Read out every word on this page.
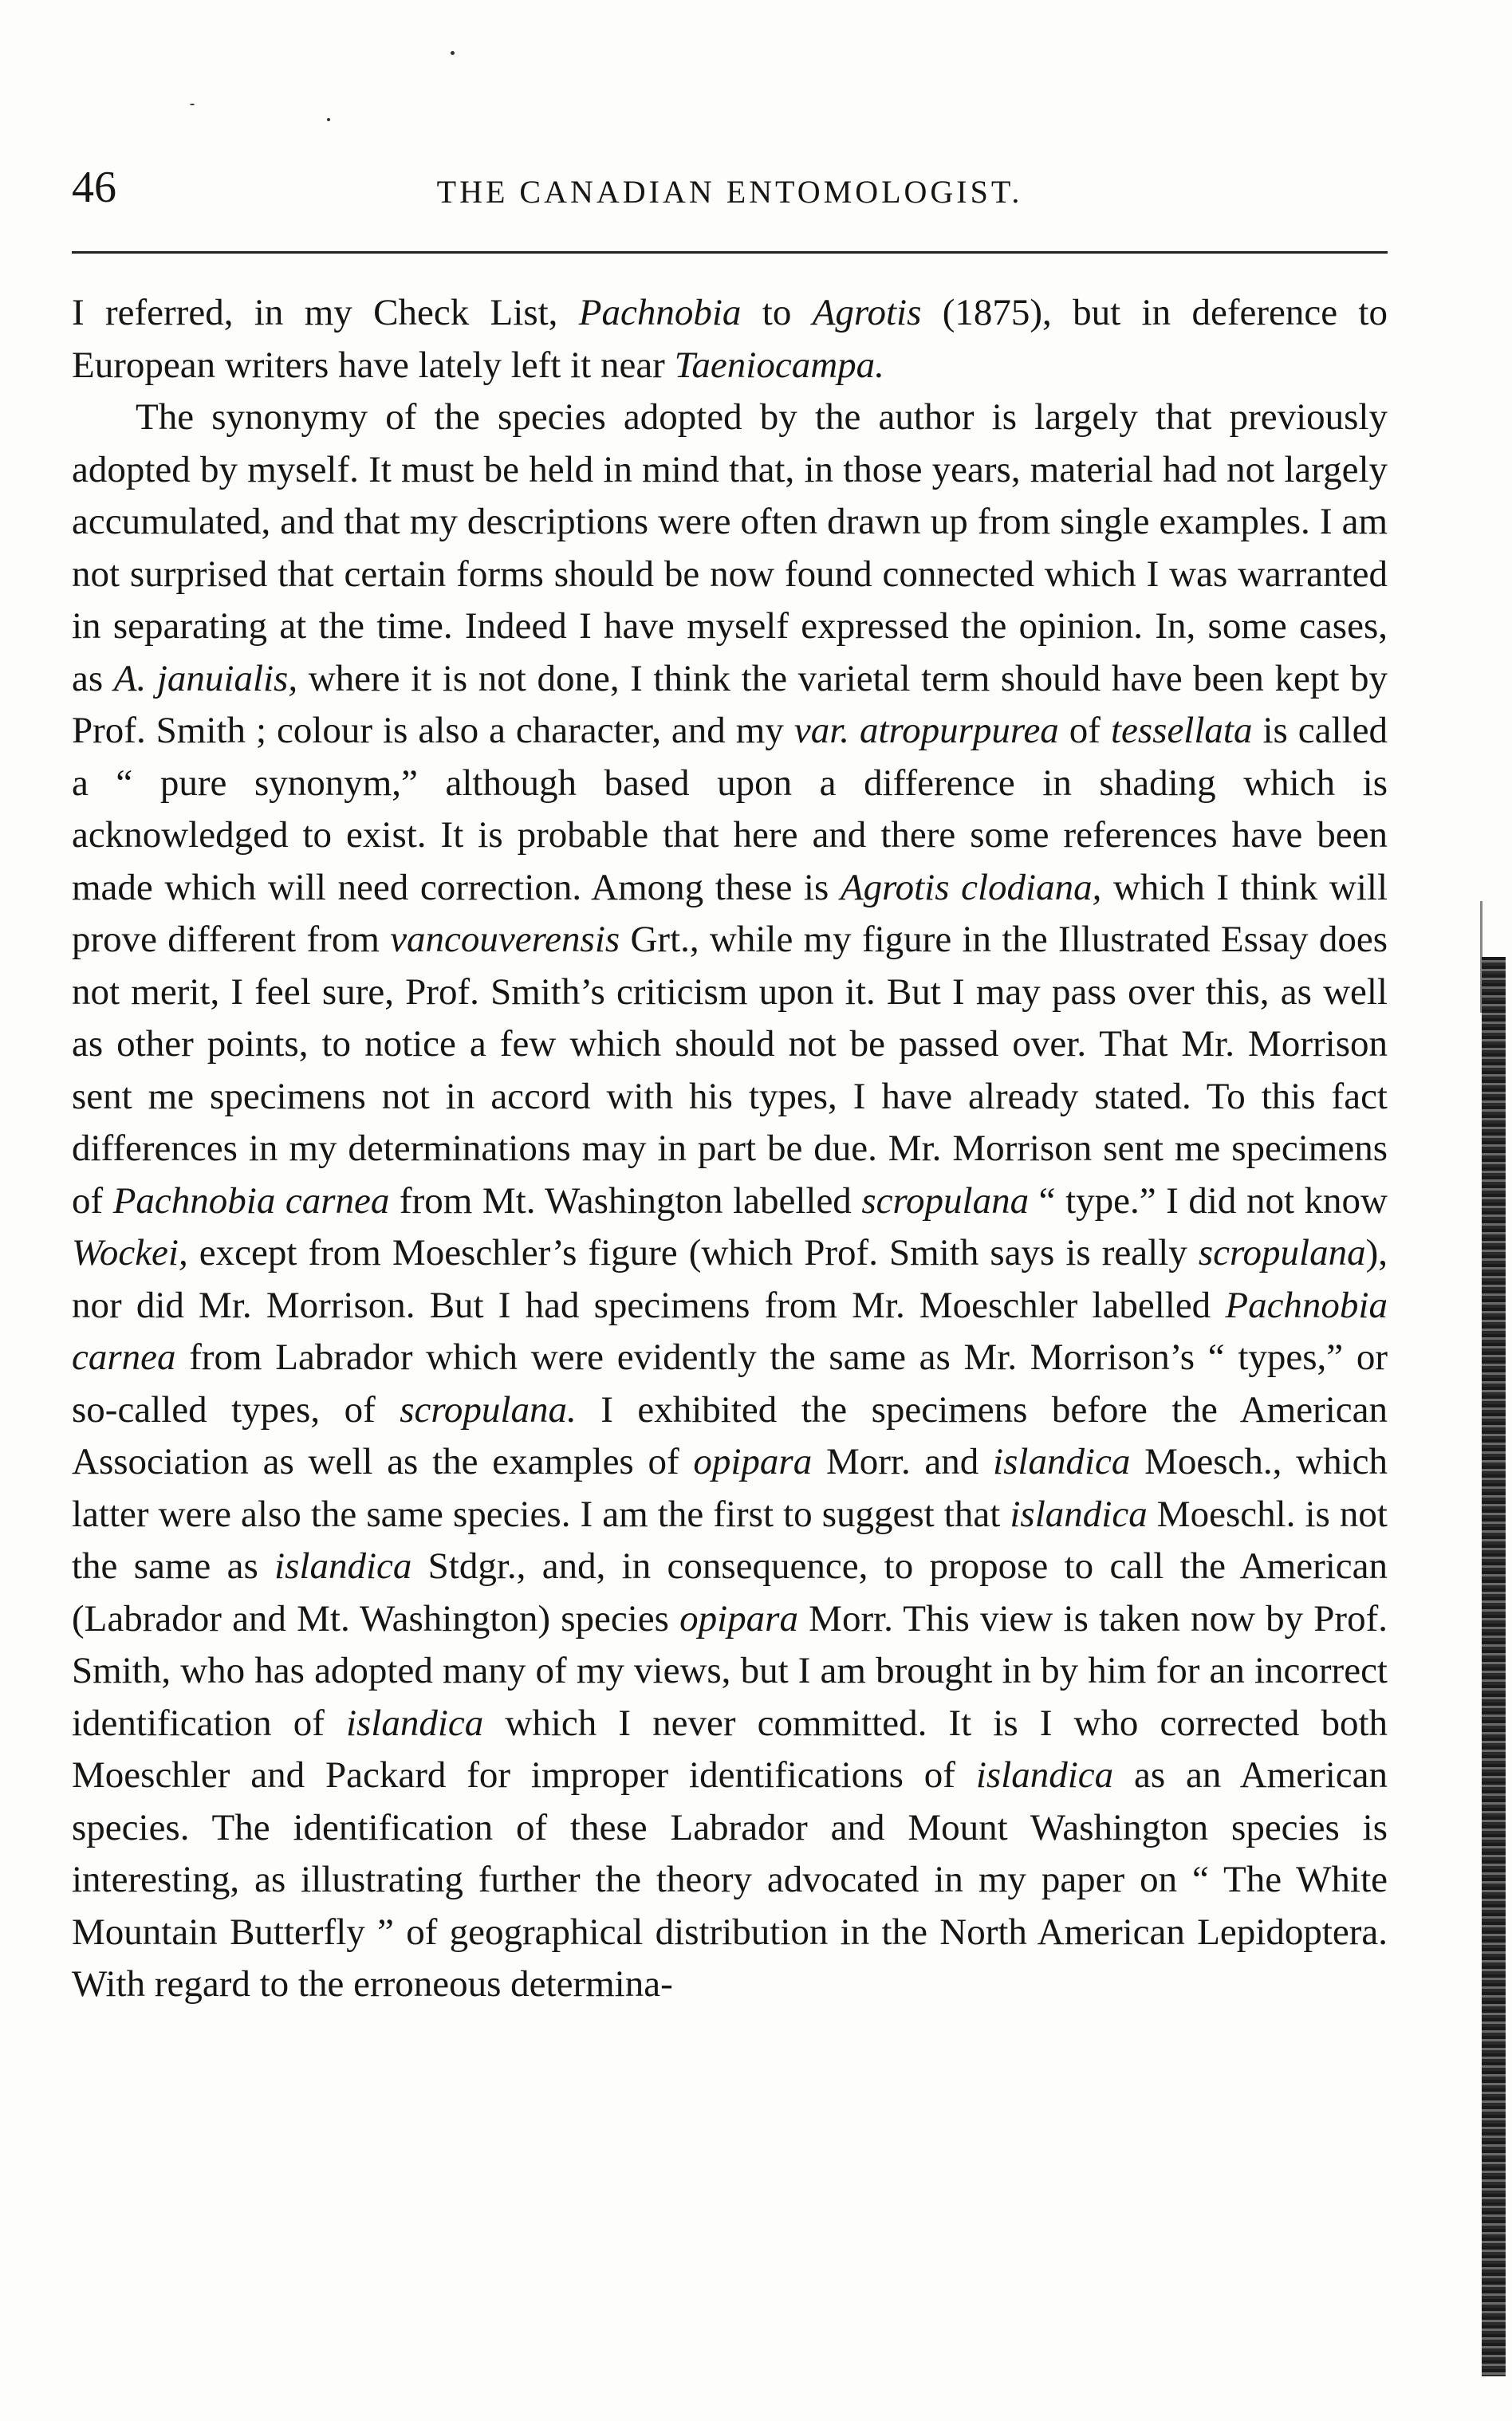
46	THE CANADIAN ENTOMOLOGIST.

I referred, in my Check List, Pachnobia to Agrotis (1875), but in deference to European writers have lately left it near Taeniocampa.

The synonymy of the species adopted by the author is largely that previously adopted by myself. It must be held in mind that, in those years, material had not largely accumulated, and that my descriptions were often drawn up from single examples. I am not surprised that certain forms should be now found connected which I was warranted in separating at the time. Indeed I have myself expressed the opinion. In, some cases, as A. januialis, where it is not done, I think the varietal term should have been kept by Prof. Smith ; colour is also a character, and my var. atropurpurea of tessellata is called a “ pure synonym,” although based upon a difference in shading which is acknowledged to exist. It is probable that here and there some references have been made which will need correction. Among these is Agrotis clodiana, which I think will prove different from vancouverensis Grt., while my figure in the Illustrated Essay does not merit, I feel sure, Prof. Smith’s criticism upon it. But I may pass over this, as well as other points, to notice a few which should not be passed over. That Mr. Morrison sent me specimens not in accord with his types, I have already stated. To this fact differences in my determinations may in part be due. Mr. Morrison sent me specimens of Pachnobia carnea from Mt. Washington labelled scropulana “ type.” I did not know Wockei, except from Moeschler’s figure (which Prof. Smith says is really scropulana), nor did Mr. Morrison. But I had specimens from Mr. Moeschler labelled Pachnobia carnea from Labrador which were evidently the same as Mr. Morrison’s “ types,” or so-called types, of scropulana. I exhibited the specimens before the American Association as well as the examples of opipara Morr. and islandica Moesch., which latter were also the same species. I am the first to suggest that islandica Moeschl. is not the same as islandica Stdgr., and, in consequence, to propose to call the American (Labrador and Mt. Washington) species opipara Morr. This view is taken now by Prof. Smith, who has adopted many of my views, but I am brought in by him for an incorrect identification of islandica which I never committed. It is I who corrected both Moeschler and Packard for improper identifications of islandica as an American species. The identification of these Labrador and Mount Washington species is interesting, as illustrating further the theory advocated in my paper on “ The White Mountain Butterfly ” of geographical distribution in the North American Lepidoptera. With regard to the erroneous determina-
